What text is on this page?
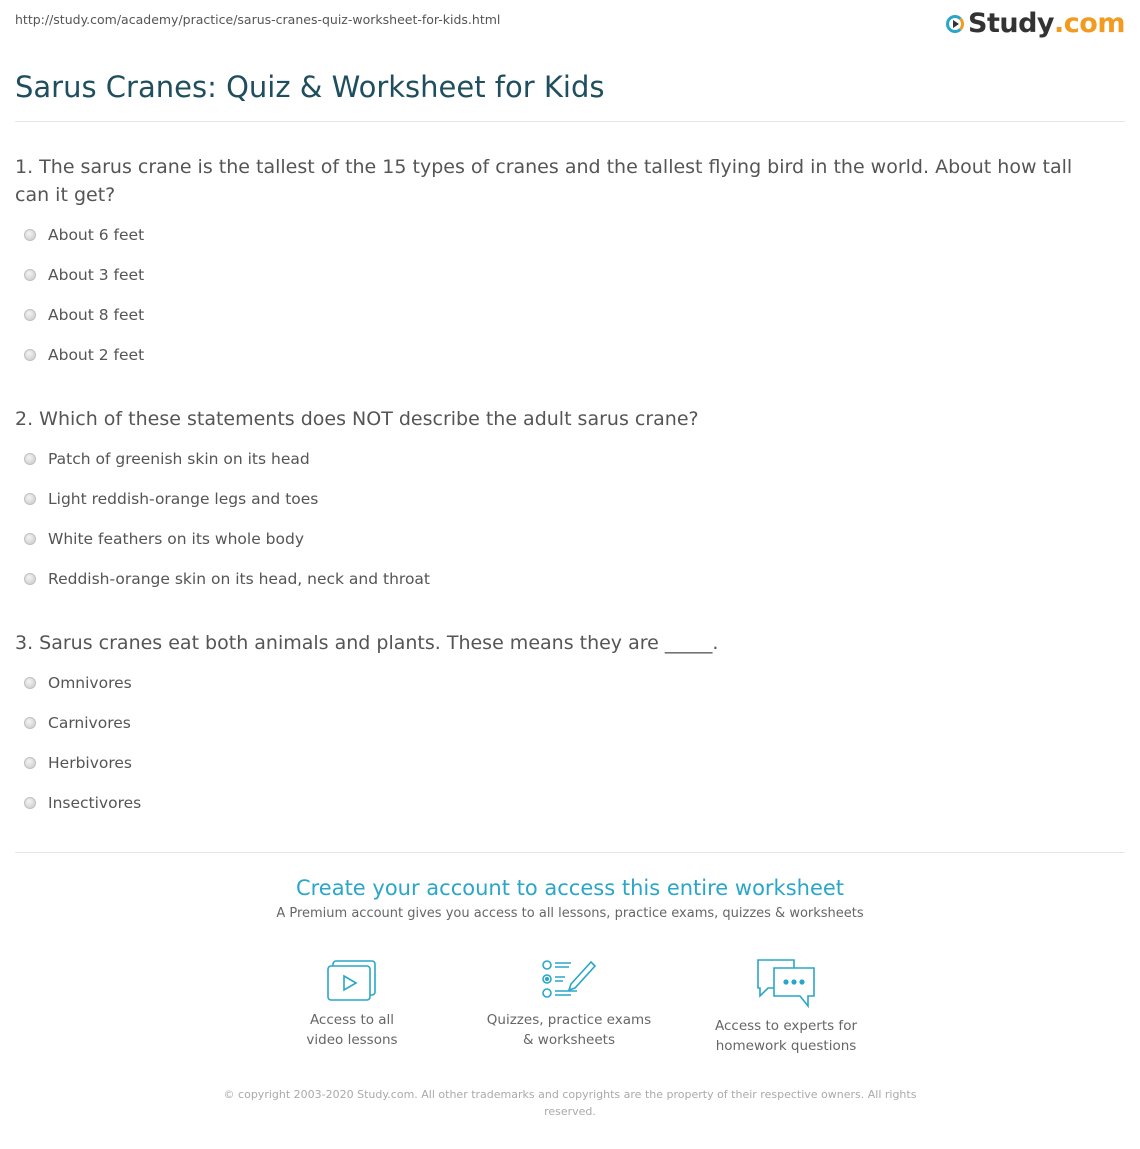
http://study.com/academy/practice/sarus-cranes-quiz-worksheet-for-kids.html	Study .com
Sarus Cranes: Quiz & Worksheet for Kids
1. The sarus crane is the tallest of the 15 types of cranes and the tallest flying bird in the world. About how tall can it get?
About 6 feet
About 3 feet
About 8 feet
About 2 feet
2. Which of these statements does NOT describe the adult sarus crane?
Patch of greenish skin on its head
Light reddish-orange legs and toes
White feathers on its whole body
Reddish-orange skin on its head, neck and throat
3. Sarus cranes eat both animals and plants. These means they are _____.
Omnivores
Carnivores
Herbivores
Insectivores
Create your account to access this entire worksheet
A Premium account gives you access to all lessons, practice exams, quizzes & worksheets
Access to all
video lessons
Quizzes, practice exams
& worksheets
Access to experts for
homework questions
© copyright 2003-2020 Study.com. All other trademarks and copyrights are the property of their respective owners. All rights reserved.
